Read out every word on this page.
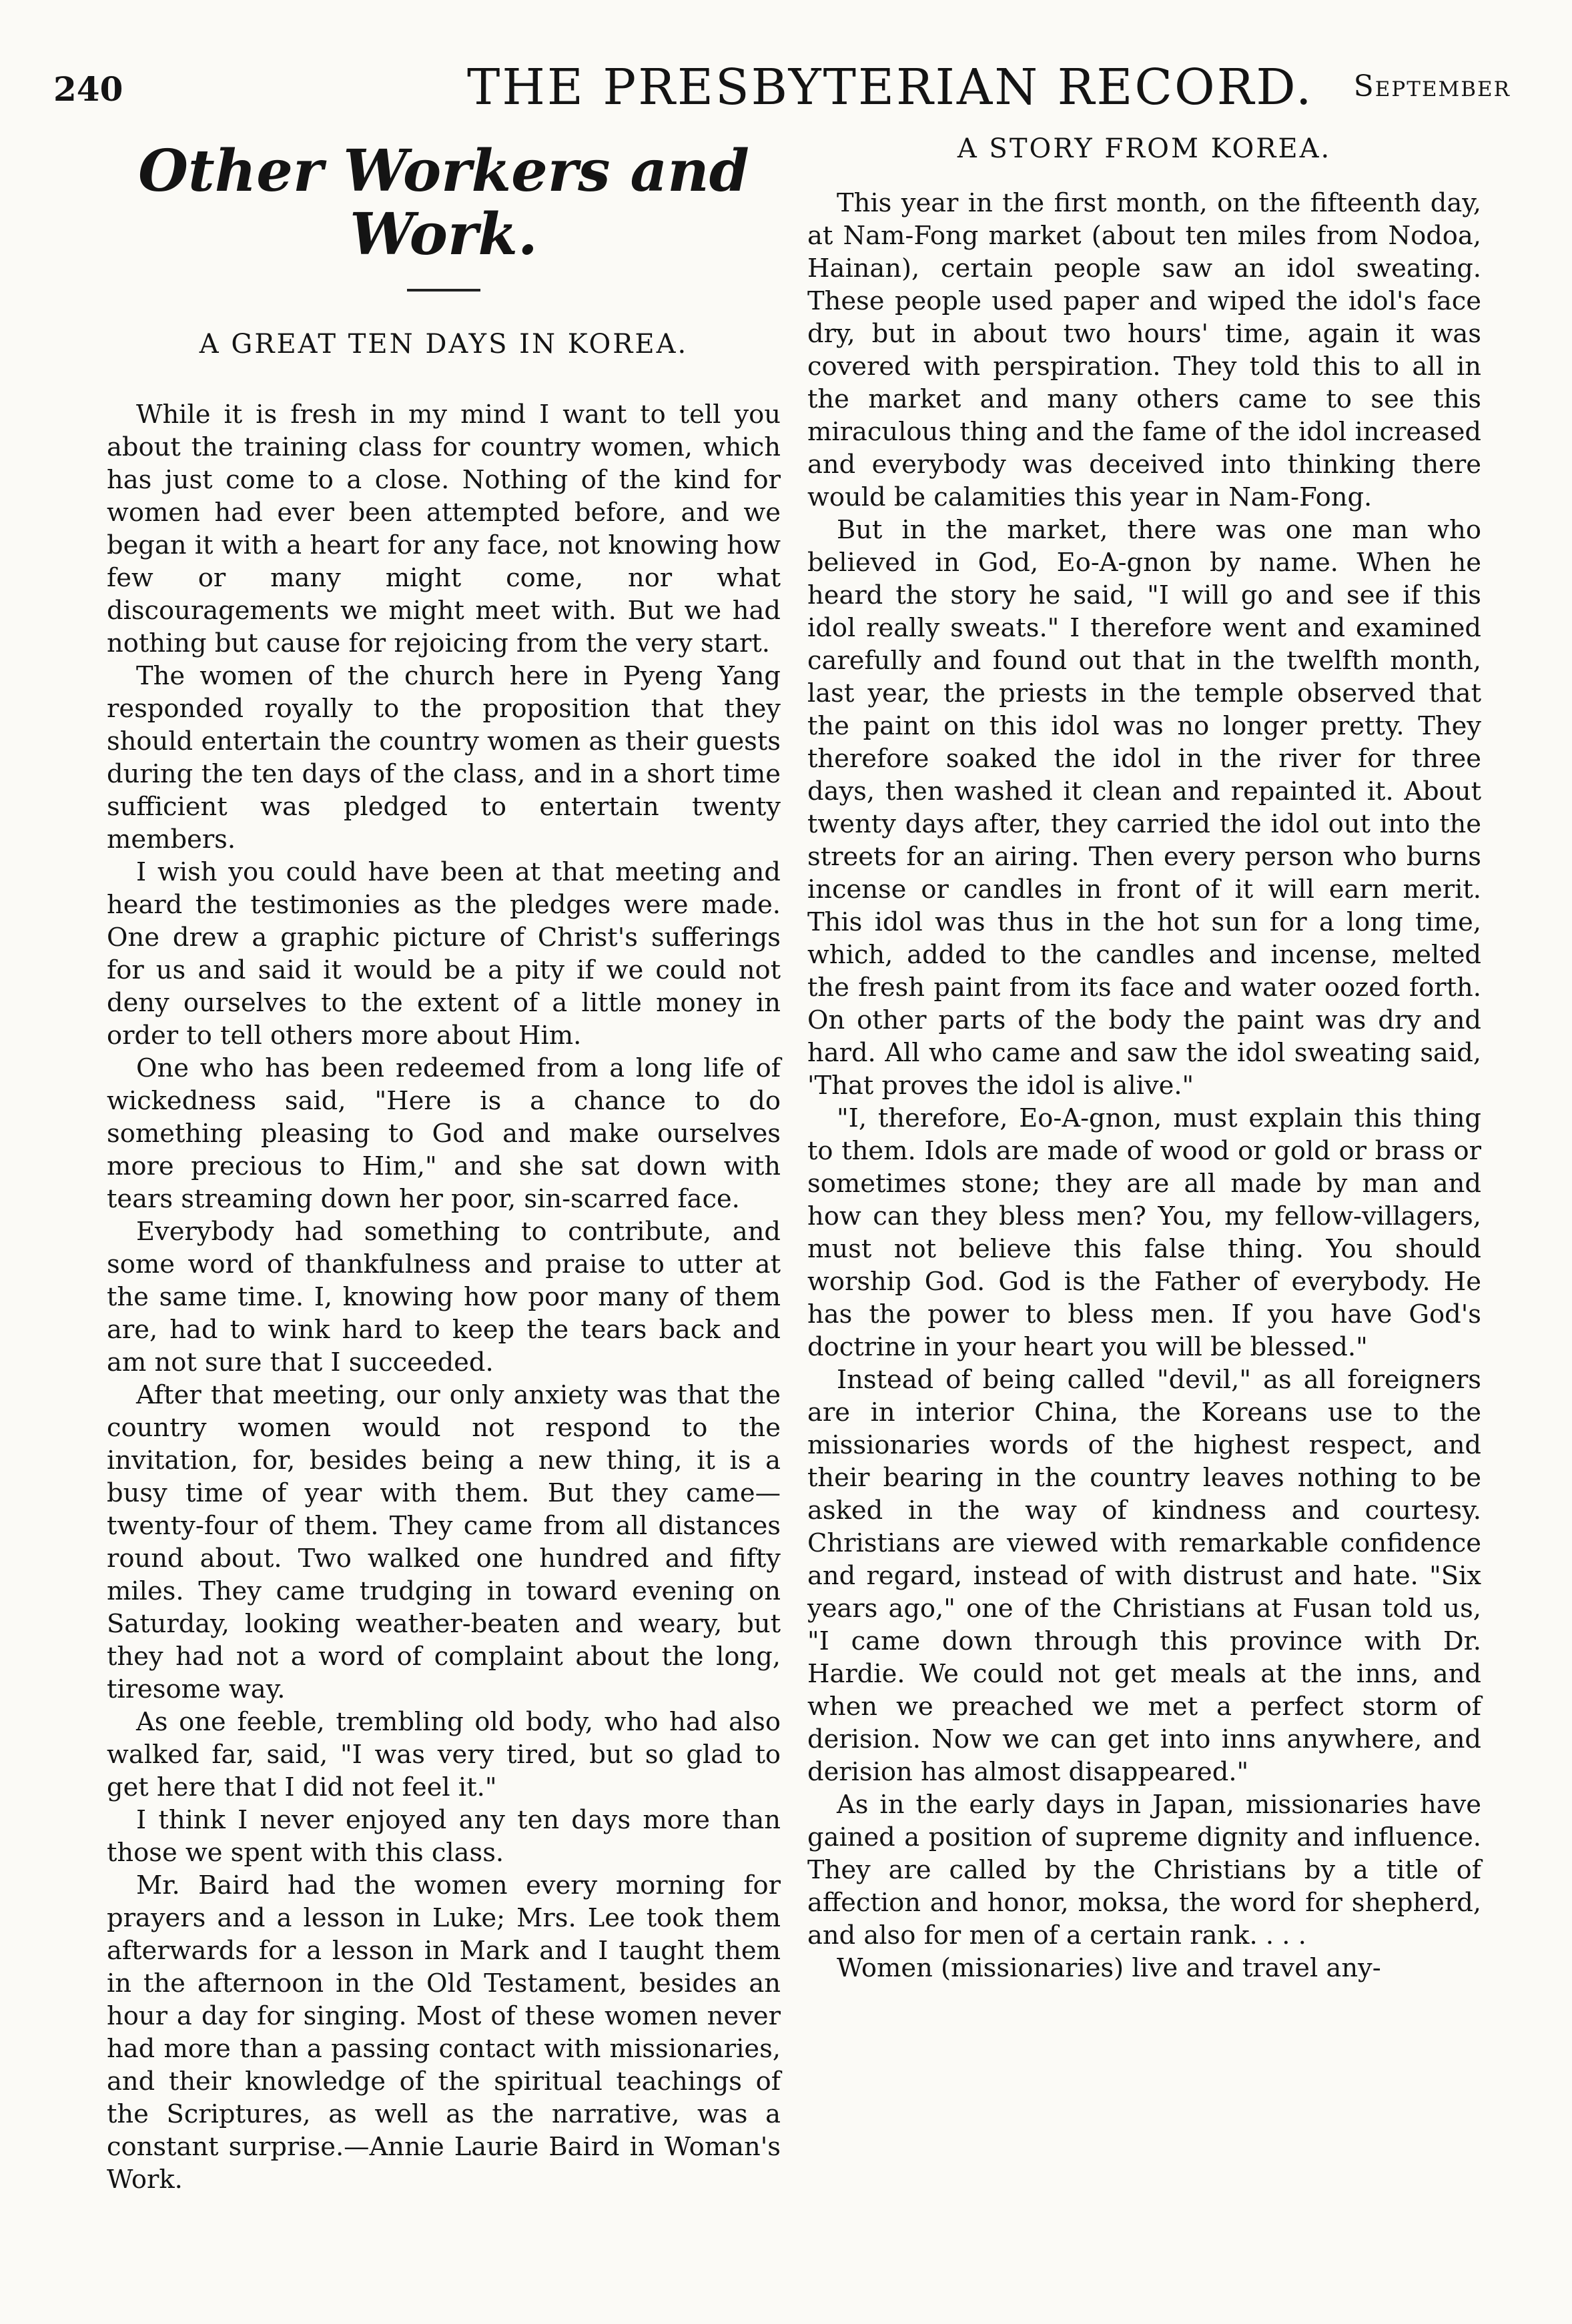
240	THE PRESBYTERIAN RECORD. September
Other Workers and Work.
A GREAT TEN DAYS IN KOREA.

While it is fresh in my mind I want to tell you about the training class for country women, which has just come to a close. Nothing of the kind for women had ever been attempted before, and we began it with a heart for any face, not knowing how few or many might come, nor what discouragements we might meet with. But we had nothing but cause for rejoicing from the very start.

The women of the church here in Pyeng Yang responded royally to the proposition that they should entertain the country women as their guests during the ten days of the class, and in a short time sufficient was pledged to entertain twenty members.

I wish you could have been at that meeting and heard the testimonies as the pledges were made. One drew a graphic picture of Christ's sufferings for us and said it would be a pity if we could not deny ourselves to the extent of a little money in order to tell others more about Him.

One who has been redeemed from a long life of wickedness said, "Here is a chance to do something pleasing to God and make ourselves more precious to Him," and she sat down with tears streaming down her poor, sin-scarred face.

Everybody had something to contribute, and some word of thankfulness and praise to utter at the same time. I, knowing how poor many of them are, had to wink hard to keep the tears back and am not sure that I succeeded.

After that meeting, our only anxiety was that the country women would not respond to the invitation, for, besides being a new thing, it is a busy time of year with them. But they came—twenty-four of them. They came from all distances round about. Two walked one hundred and fifty miles. They came trudging in toward evening on Saturday, looking weather-beaten and weary, but they had not a word of complaint about the long, tiresome way.

As one feeble, trembling old body, who had also walked far, said, "I was very tired, but so glad to get here that I did not feel it."

I think I never enjoyed any ten days more than those we spent with this class.

Mr. Baird had the women every morning for prayers and a lesson in Luke; Mrs. Lee took them afterwards for a lesson in Mark and I taught them in the afternoon in the Old Testament, besides an hour a day for singing. Most of these women never had more than a passing contact with missionaries, and their knowledge of the spiritual teachings of the Scriptures, as well as the narrative, was a constant surprise.—Annie Laurie Baird in Woman's Work.

A STORY FROM KOREA.

This year in the first month, on the fifteenth day, at Nam-Fong market (about ten miles from Nodoa, Hainan), certain people saw an idol sweating. These people used paper and wiped the idol's face dry, but in about two hours' time, again it was covered with perspiration. They told this to all in the market and many others came to see this miraculous thing and the fame of the idol increased and everybody was deceived into thinking there would be calamities this year in Nam-Fong.

But in the market, there was one man who believed in God, Eo-A-gnon by name. When he heard the story he said, "I will go and see if this idol really sweats." I therefore went and examined carefully and found out that in the twelfth month, last year, the priests in the temple observed that the paint on this idol was no longer pretty. They therefore soaked the idol in the river for three days, then washed it clean and repainted it. About twenty days after, they carried the idol out into the streets for an airing. Then every person who burns incense or candles in front of it will earn merit. This idol was thus in the hot sun for a long time, which, added to the candles and incense, melted the fresh paint from its face and water oozed forth. On other parts of the body the paint was dry and hard. All who came and saw the idol sweating said, 'That proves the idol is alive."

"I, therefore, Eo-A-gnon, must explain this thing to them. Idols are made of wood or gold or brass or sometimes stone; they are all made by man and how can they bless men? You, my fellow-villagers, must not believe this false thing. You should worship God. God is the Father of everybody. He has the power to bless men. If you have God's doctrine in your heart you will be blessed."

Instead of being called "devil," as all foreigners are in interior China, the Koreans use to the missionaries words of the highest respect, and their bearing in the country leaves nothing to be asked in the way of kindness and courtesy. Christians are viewed with remarkable confidence and regard, instead of with distrust and hate. "Six years ago," one of the Christians at Fusan told us, "I came down through this province with Dr. Hardie. We could not get meals at the inns, and when we preached we met a perfect storm of derision. Now we can get into inns anywhere, and derision has almost disappeared."

As in the early days in Japan, missionaries have gained a position of supreme dignity and influence. They are called by the Christians by a title of affection and honor, moksa, the word for shepherd, and also for men of a certain rank. . . .

Women (missionaries) live and travel any-
